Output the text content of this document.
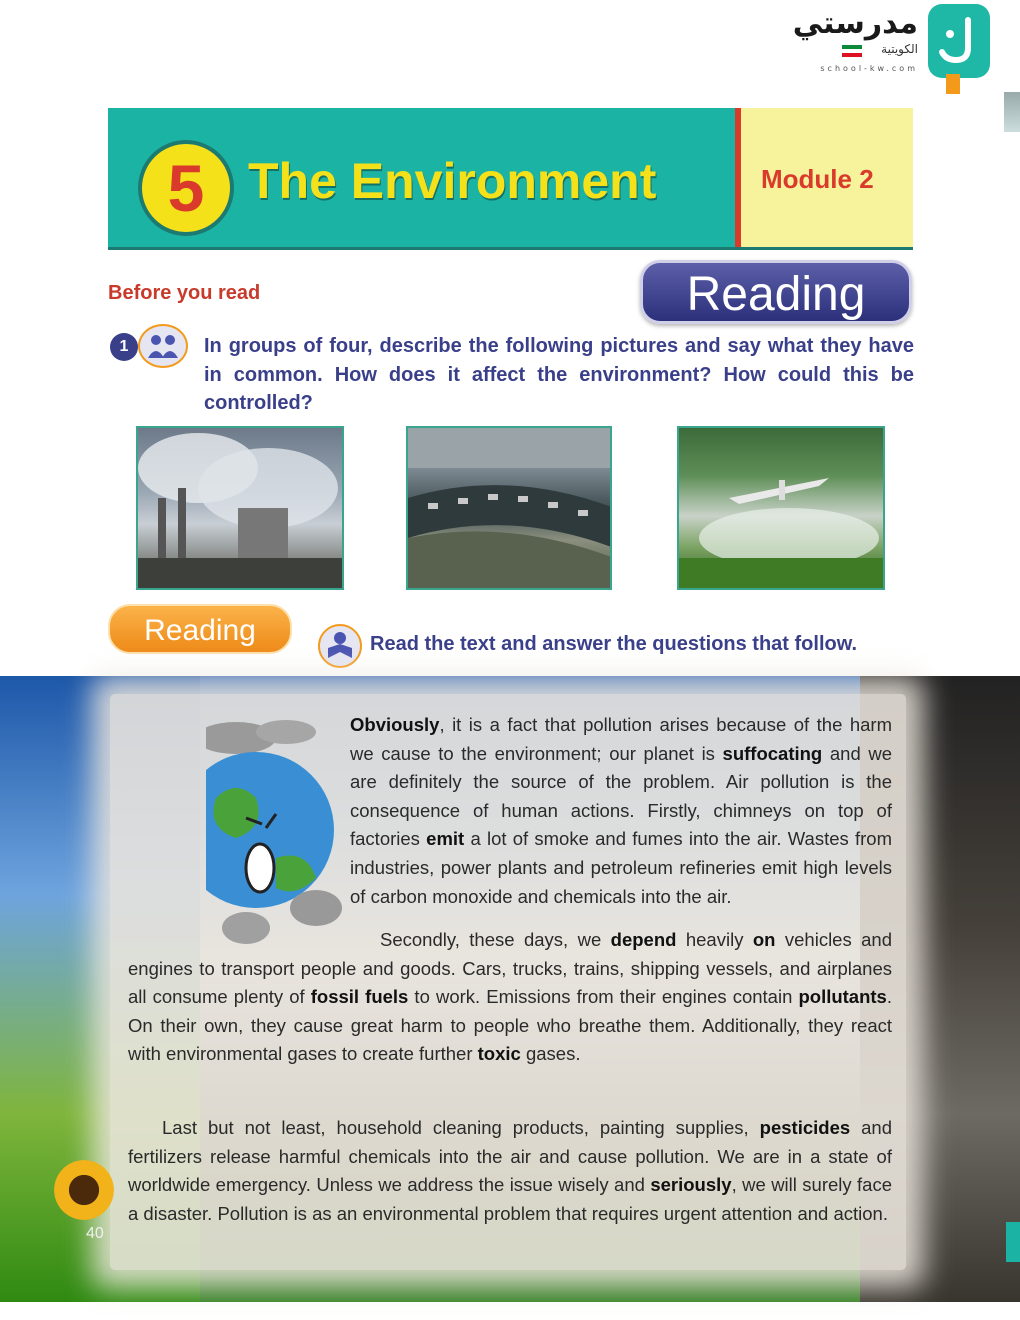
مدرستي
الكويتية
school-kw.com
5 The Environment	Module 2
Before you read	Reading
1	In groups of four, describe the following pictures and say what they have in common. How does it affect the environment? How could this be controlled?
Reading	Read the text and answer the questions that follow.
Obviously, it is a fact that pollution arises because of the harm we cause to the environment; our planet is suffocating and we are definitely the source of the problem. Air pollution is the consequence of human actions. Firstly, chimneys on top of factories emit a lot of smoke and fumes into the air. Wastes from industries, power plants and petroleum refineries emit high levels of carbon monoxide and chemicals into the air.
Secondly, these days, we depend heavily on vehicles and engines to transport people and goods. Cars, trucks, trains, shipping vessels, and airplanes all consume plenty of fossil fuels to work. Emissions from their engines contain pollutants. On their own, they cause great harm to people who breathe them. Additionally, they react with environmental gases to create further toxic gases.
Last but not least, household cleaning products, painting supplies, pesticides and fertilizers release harmful chemicals into the air and cause pollution. We are in a state of worldwide emergency. Unless we address the issue wisely and seriously, we will surely face a disaster. Pollution is as an environmental problem that requires urgent attention and action.
40
